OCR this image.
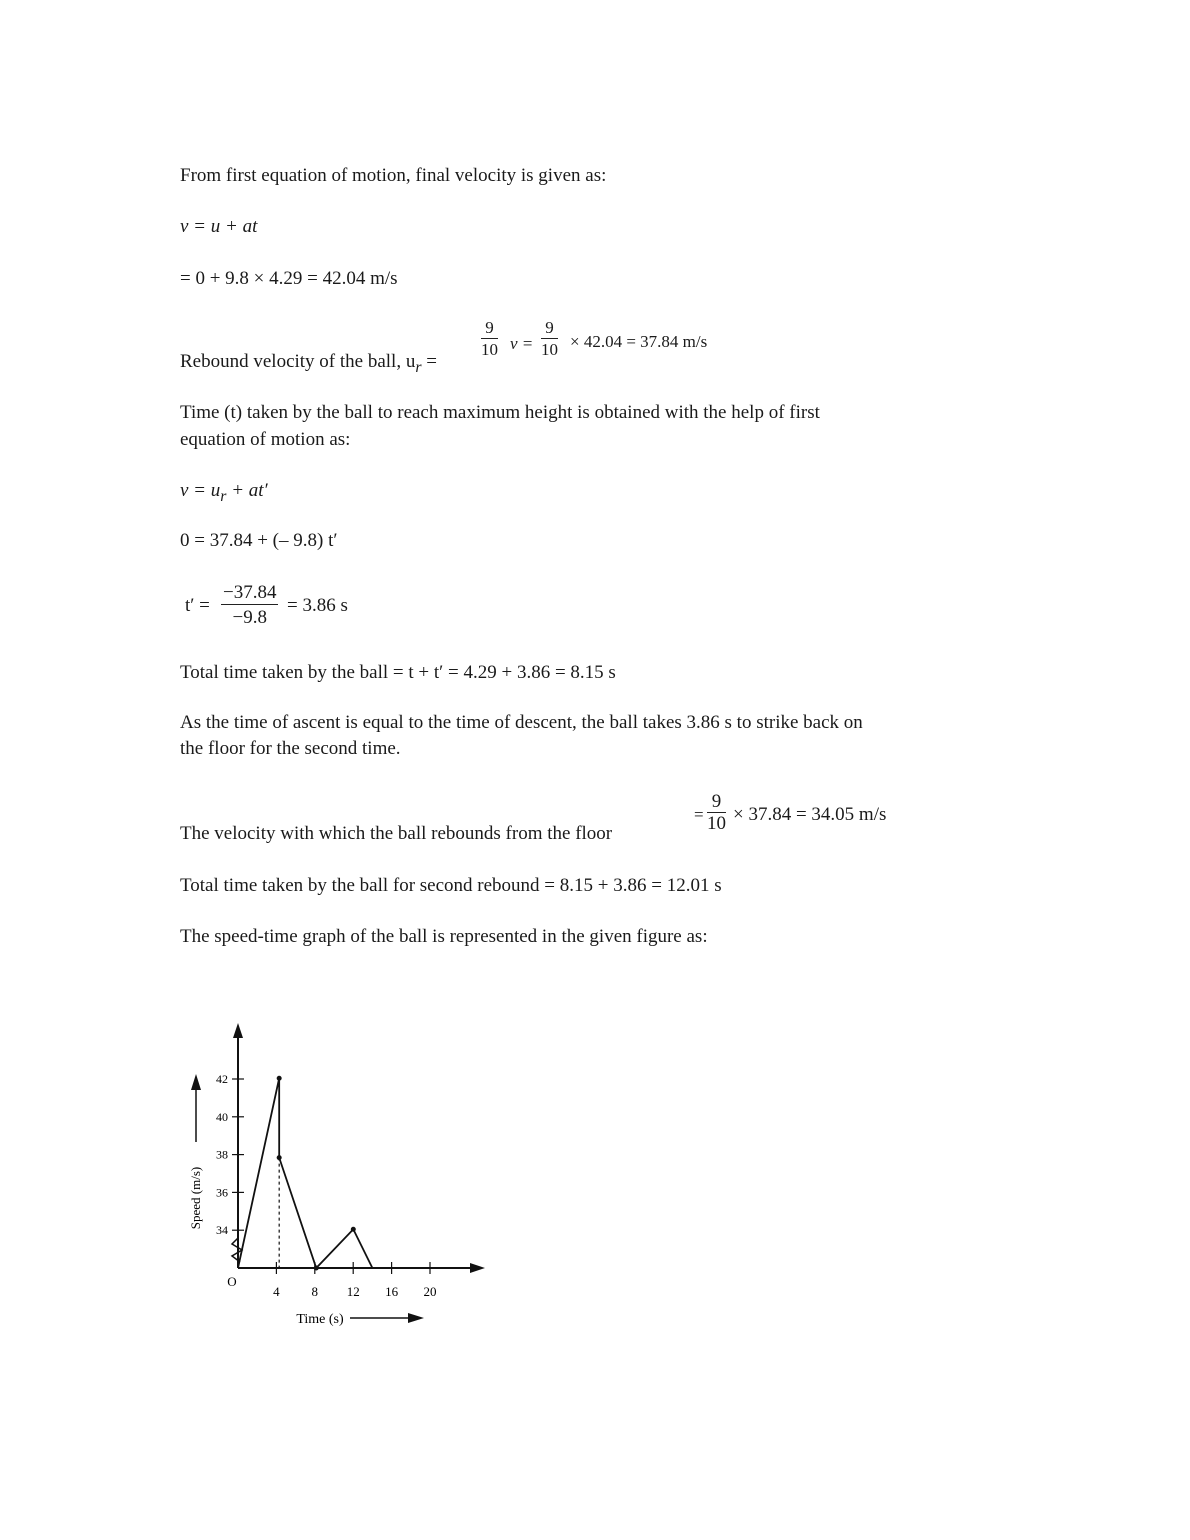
From first equation of motion, final velocity is given as:
v = u + at
= 0 + 9.8 × 4.29 = 42.04 m/s
Rebound velocity of the ball, $u_r$ =
$\frac{9}{10}$ $v = \frac{9}{10} \times 42.04 = 37.84$ m/s
Time (t) taken by the ball to reach maximum height is obtained with the help of first
equation of motion as:
$v = u_r + at'$
0 = 37.84 + (– 9.8) t′
$t' = \frac{-37.84}{-9.8} = 3.86$ s
Total time taken by the ball = t + t′ = 4.29 + 3.86 = 8.15 s
As the time of ascent is equal to the time of descent, the ball takes 3.86 s to strike back on
the floor for the second time.
The velocity with which the ball rebounds from the floor
= $\frac{9}{10} \times 37.84 = 34.05$ m/s
Total time taken by the ball for second rebound = 8.15 + 3.86 = 12.01 s
The speed-time graph of the ball is represented in the given figure as:
O
Speed (m/s)
Time (s)
4 8 12 16 20
34
36
38
40
42
